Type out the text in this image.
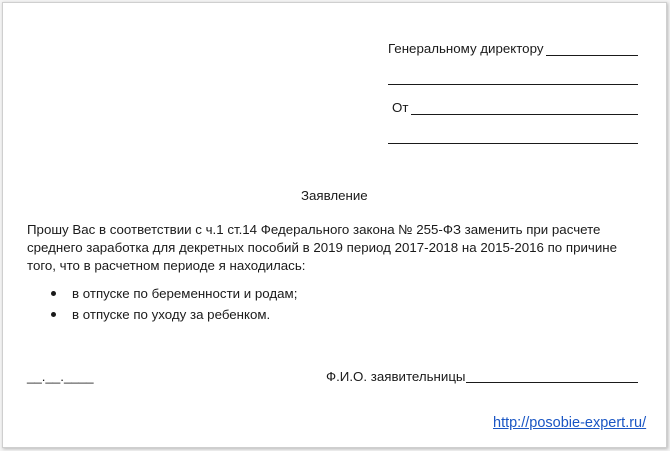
Генеральному директору
От
Заявление
Прошу Вас в соответствии с ч.1 ст.14 Федерального закона № 255-ФЗ заменить при расчете
среднего заработка для декретных пособий в 2019 период 2017-2018 на 2015-2016 по причине
того, что в расчетном периоде я находилась:
в отпуске по беременности и родам;
в отпуске по уходу за ребенком.
__.__.____	Ф.И.О. заявительницы
http://posobie-expert.ru/
